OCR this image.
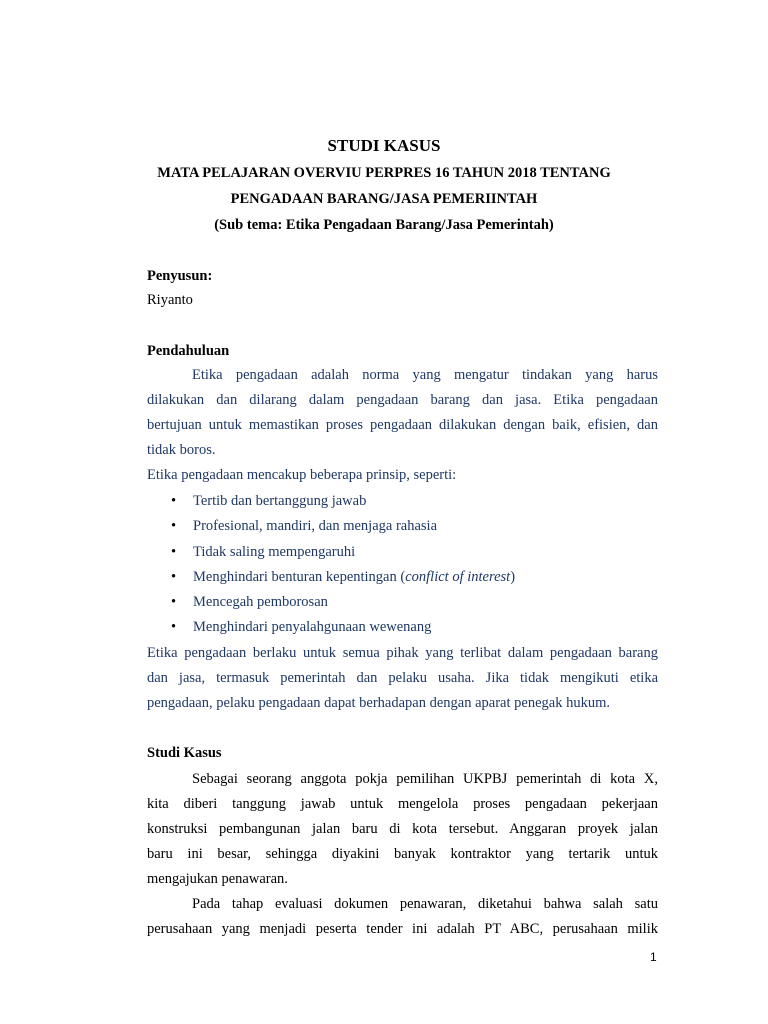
STUDI KASUS
MATA PELAJARAN OVERVIU PERPRES 16 TAHUN 2018 TENTANG
PENGADAAN BARANG/JASA PEMERIINTAH
(Sub tema: Etika Pengadaan Barang/Jasa Pemerintah)
Penyusun:
Riyanto
Pendahuluan
Etika pengadaan adalah norma yang mengatur tindakan yang harus
dilakukan dan dilarang dalam pengadaan barang dan jasa. Etika pengadaan
bertujuan untuk memastikan proses pengadaan dilakukan dengan baik, efisien, dan
tidak boros.
Etika pengadaan mencakup beberapa prinsip, seperti:
• Tertib dan bertanggung jawab
• Profesional, mandiri, dan menjaga rahasia
• Tidak saling mempengaruhi
• Menghindari benturan kepentingan (conflict of interest)
• Mencegah pemborosan
• Menghindari penyalahgunaan wewenang
Etika pengadaan berlaku untuk semua pihak yang terlibat dalam pengadaan barang
dan jasa, termasuk pemerintah dan pelaku usaha. Jika tidak mengikuti etika
pengadaan, pelaku pengadaan dapat berhadapan dengan aparat penegak hukum.
Studi Kasus
Sebagai seorang anggota pokja pemilihan UKPBJ pemerintah di kota X,
kita diberi tanggung jawab untuk mengelola proses pengadaan pekerjaan
konstruksi pembangunan jalan baru di kota tersebut. Anggaran proyek jalan
baru ini besar, sehingga diyakini banyak kontraktor yang tertarik untuk
mengajukan penawaran.
Pada tahap evaluasi dokumen penawaran, diketahui bahwa salah satu
perusahaan yang menjadi peserta tender ini adalah PT ABC, perusahaan milik
1
